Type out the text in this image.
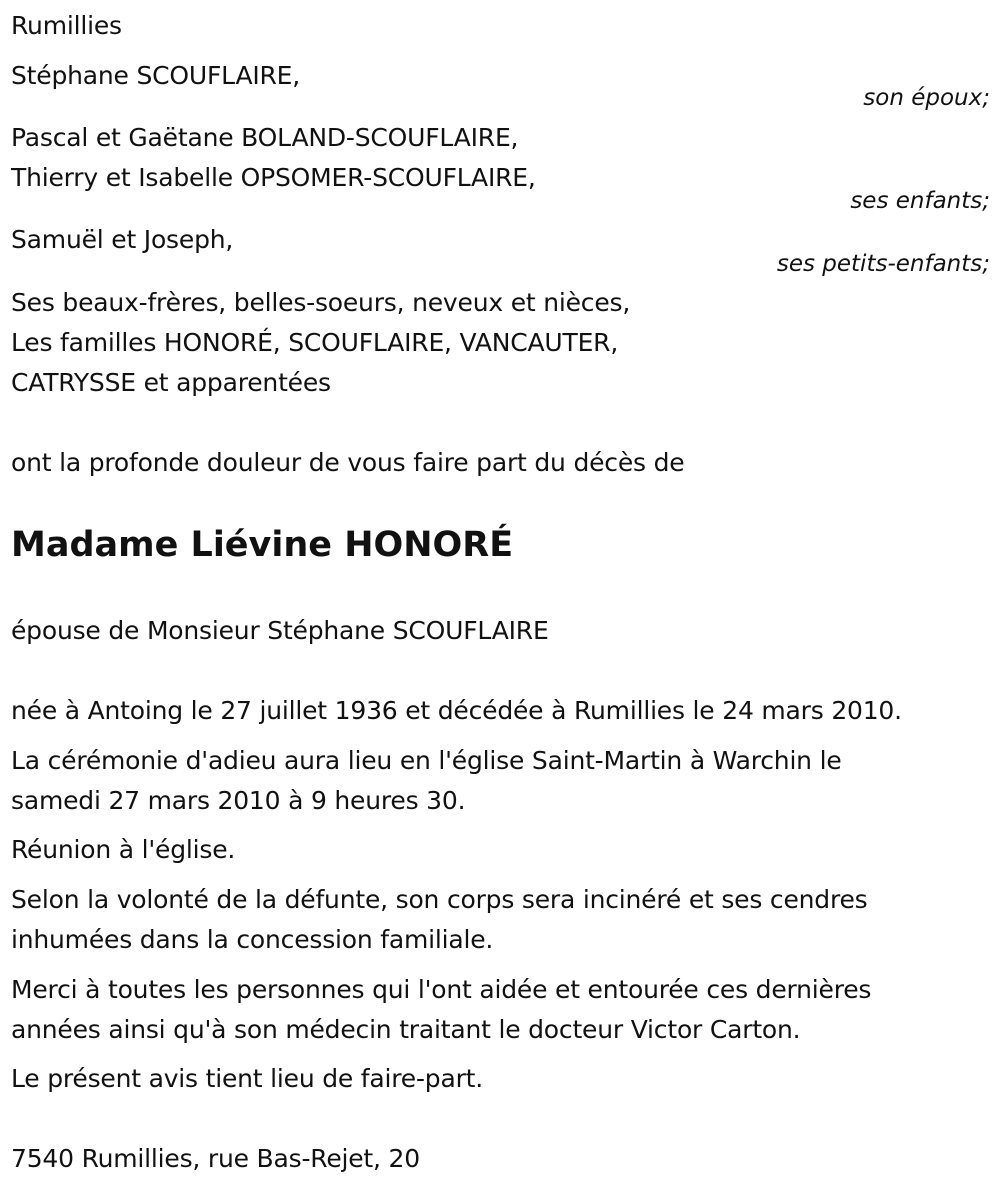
Rumillies
Stéphane SCOUFLAIRE,
son époux;
Pascal et Gaëtane BOLAND-SCOUFLAIRE,
Thierry et Isabelle OPSOMER-SCOUFLAIRE,
ses enfants;
Samuël et Joseph,
ses petits-enfants;
Ses beaux-frères, belles-soeurs, neveux et nièces,
Les familles HONORÉ, SCOUFLAIRE, VANCAUTER,
CATRYSSE et apparentées
ont la profonde douleur de vous faire part du décès de
Madame Liévine HONORÉ
épouse de Monsieur Stéphane SCOUFLAIRE
née à Antoing le 27 juillet 1936 et décédée à Rumillies le 24 mars 2010.
La cérémonie d'adieu aura lieu en l'église Saint-Martin à Warchin le
samedi 27 mars 2010 à 9 heures 30.
Réunion à l'église.
Selon la volonté de la défunte, son corps sera incinéré et ses cendres
inhumées dans la concession familiale.
Merci à toutes les personnes qui l'ont aidée et entourée ces dernières
années ainsi qu'à son médecin traitant le docteur Victor Carton.
Le présent avis tient lieu de faire-part.
7540 Rumillies, rue Bas-Rejet, 20
